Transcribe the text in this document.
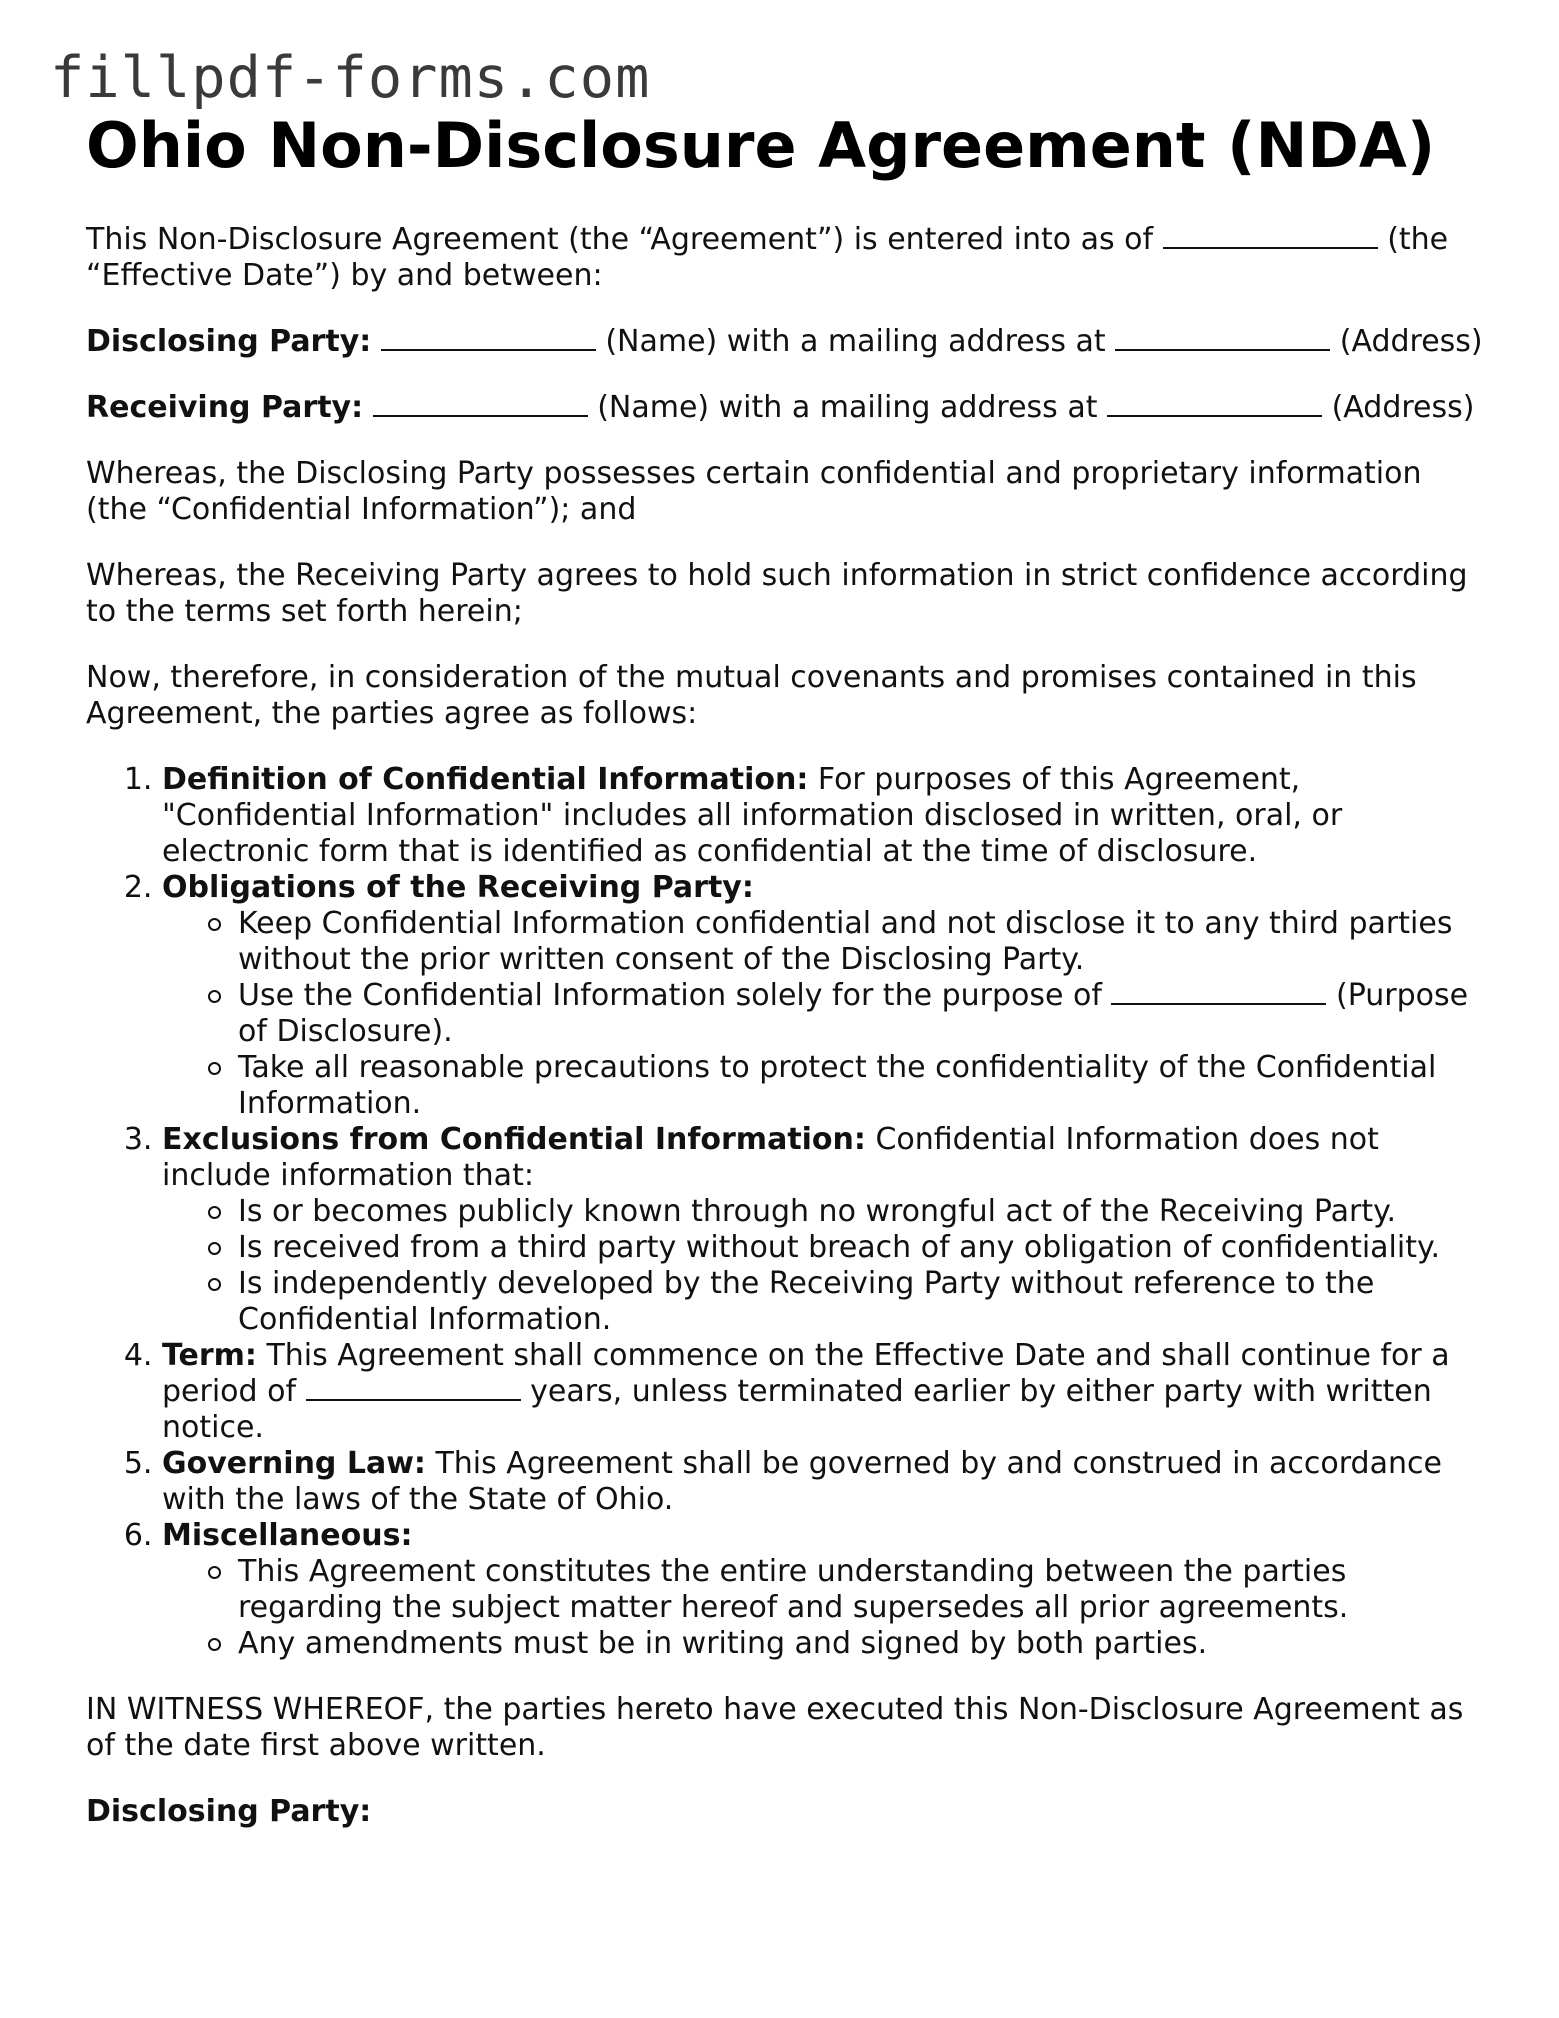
fillpdf-forms.com
Ohio Non-Disclosure Agreement (NDA)

This Non-Disclosure Agreement (the “Agreement”) is entered into as of	(the “Effective Date”) by and between:

Disclosing Party:	(Name) with a mailing address at	(Address)

Receiving Party:	(Name) with a mailing address at	(Address)

Whereas, the Disclosing Party possesses certain confidential and proprietary information (the “Confidential Information”); and

Whereas, the Receiving Party agrees to hold such information in strict confidence according to the terms set forth herein;

Now, therefore, in consideration of the mutual covenants and promises contained in this Agreement, the parties agree as follows:

1. Definition of Confidential Information: For purposes of this Agreement, "Confidential Information" includes all information disclosed in written, oral, or electronic form that is identified as confidential at the time of disclosure.
2. Obligations of the Receiving Party:
Keep Confidential Information confidential and not disclose it to any third parties without the prior written consent of the Disclosing Party.
Use the Confidential Information solely for the purpose of	(Purpose of Disclosure).
Take all reasonable precautions to protect the confidentiality of the Confidential Information.
3. Exclusions from Confidential Information: Confidential Information does not include information that:
Is or becomes publicly known through no wrongful act of the Receiving Party.
Is received from a third party without breach of any obligation of confidentiality.
Is independently developed by the Receiving Party without reference to the Confidential Information.
4. Term: This Agreement shall commence on the Effective Date and shall continue for a period of	years, unless terminated earlier by either party with written notice.
5. Governing Law: This Agreement shall be governed by and construed in accordance with the laws of the State of Ohio.
6. Miscellaneous:
This Agreement constitutes the entire understanding between the parties regarding the subject matter hereof and supersedes all prior agreements.
Any amendments must be in writing and signed by both parties.

IN WITNESS WHEREOF, the parties hereto have executed this Non-Disclosure Agreement as of the date first above written.

Disclosing Party:
